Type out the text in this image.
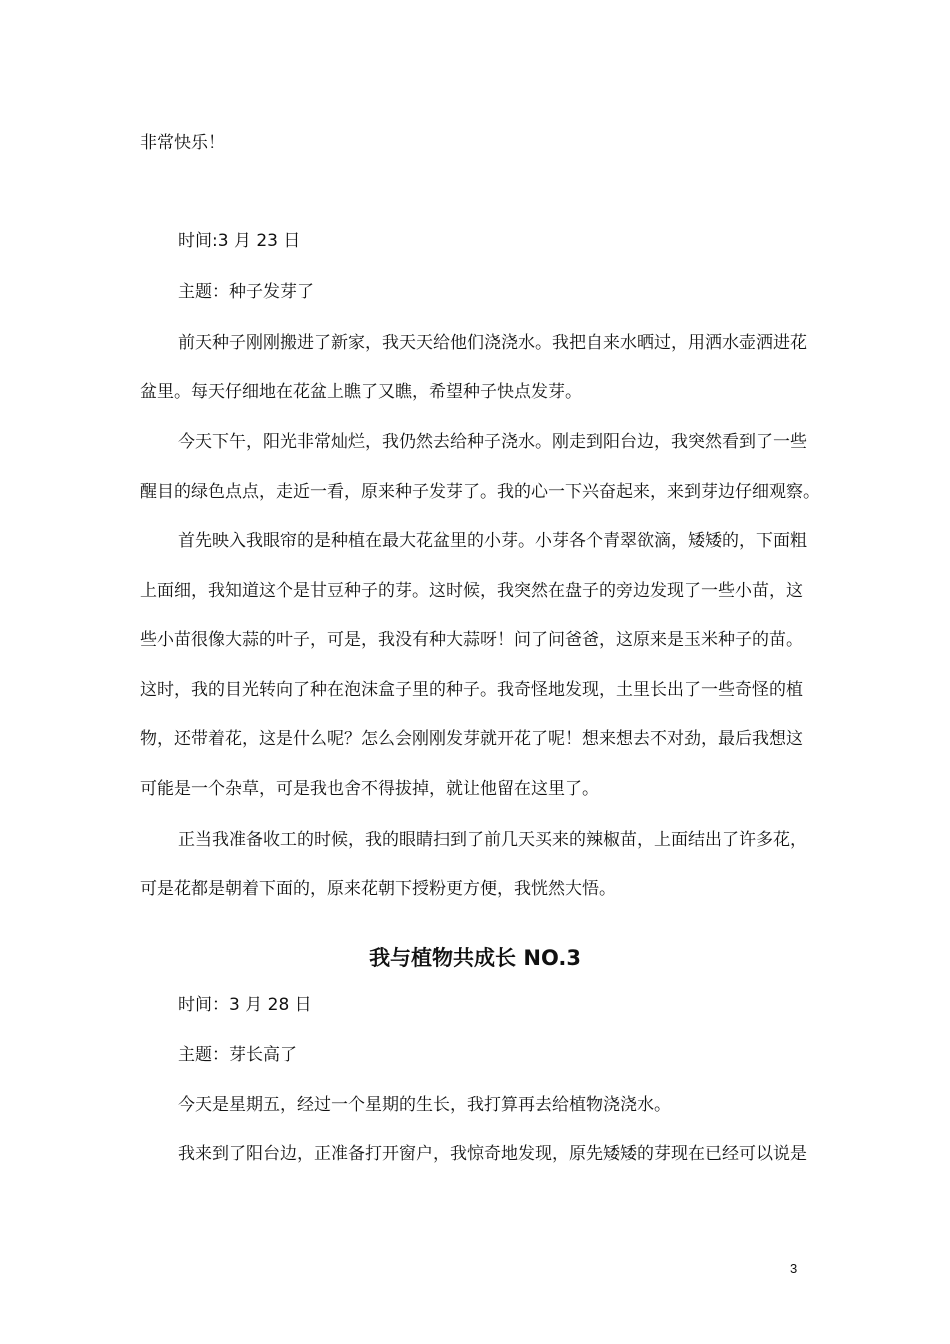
非常快乐！
时间:3 月 23 日
主题：种子发芽了
前天种子刚刚搬进了新家，我天天给他们浇浇水。我把自来水晒过，用洒水壶洒进花
盆里。每天仔细地在花盆上瞧了又瞧，希望种子快点发芽。
今天下午，阳光非常灿烂，我仍然去给种子浇水。刚走到阳台边，我突然看到了一些
醒目的绿色点点，走近一看，原来种子发芽了。我的心一下兴奋起来，来到芽边仔细观察。
首先映入我眼帘的是种植在最大花盆里的小芽。小芽各个青翠欲滴，矮矮的，下面粗
上面细，我知道这个是甘豆种子的芽。这时候，我突然在盘子的旁边发现了一些小苗，这
些小苗很像大蒜的叶子，可是，我没有种大蒜呀！问了问爸爸，这原来是玉米种子的苗。
这时，我的目光转向了种在泡沫盒子里的种子。我奇怪地发现，土里长出了一些奇怪的植
物，还带着花，这是什么呢？怎么会刚刚发芽就开花了呢！想来想去不对劲，最后我想这
可能是一个杂草，可是我也舍不得拔掉，就让他留在这里了。
正当我准备收工的时候，我的眼睛扫到了前几天买来的辣椒苗，上面结出了许多花，
可是花都是朝着下面的，原来花朝下授粉更方便，我恍然大悟。
我与植物共成长 NO.3
时间：3 月 28 日
主题：芽长高了
今天是星期五，经过一个星期的生长，我打算再去给植物浇浇水。
我来到了阳台边，正准备打开窗户，我惊奇地发现，原先矮矮的芽现在已经可以说是
3
